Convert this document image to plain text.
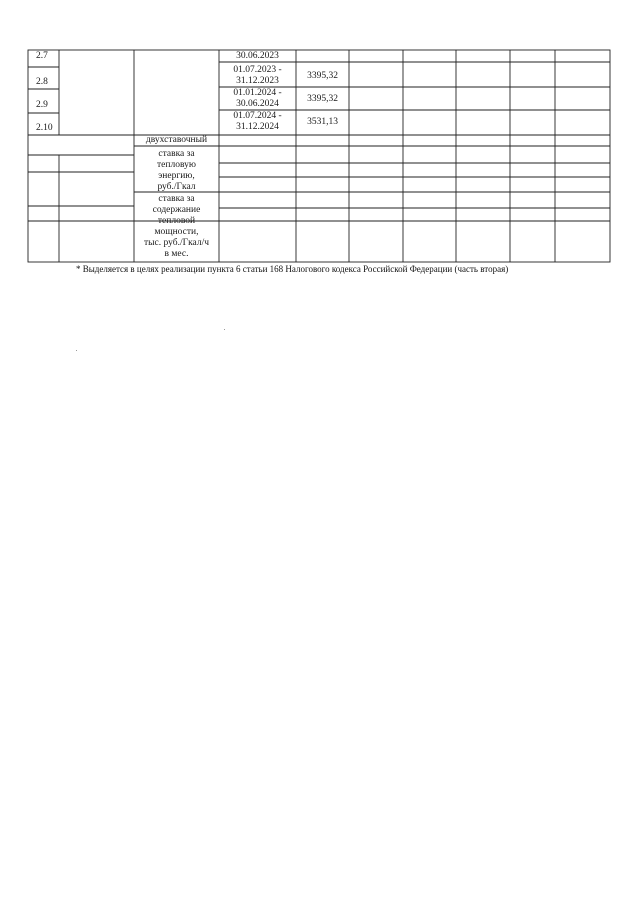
2.7
2.8
2.9
2.10
30.06.2023
01.07.2023 -
31.12.2023
01.01.2024 -
30.06.2024
01.07.2024 -
31.12.2024
3395,32
3395,32
3531,13
двухставочный
ставка за
тепловую
энергию,
руб./Гкал
ставка за
содержание
тепловой
мощности,
тыс. руб./Гкал/ч
в мес.
* Выделяется в целях реализации пункта 6 статьи 168 Налогового кодекса Российской Федерации (часть вторая)
